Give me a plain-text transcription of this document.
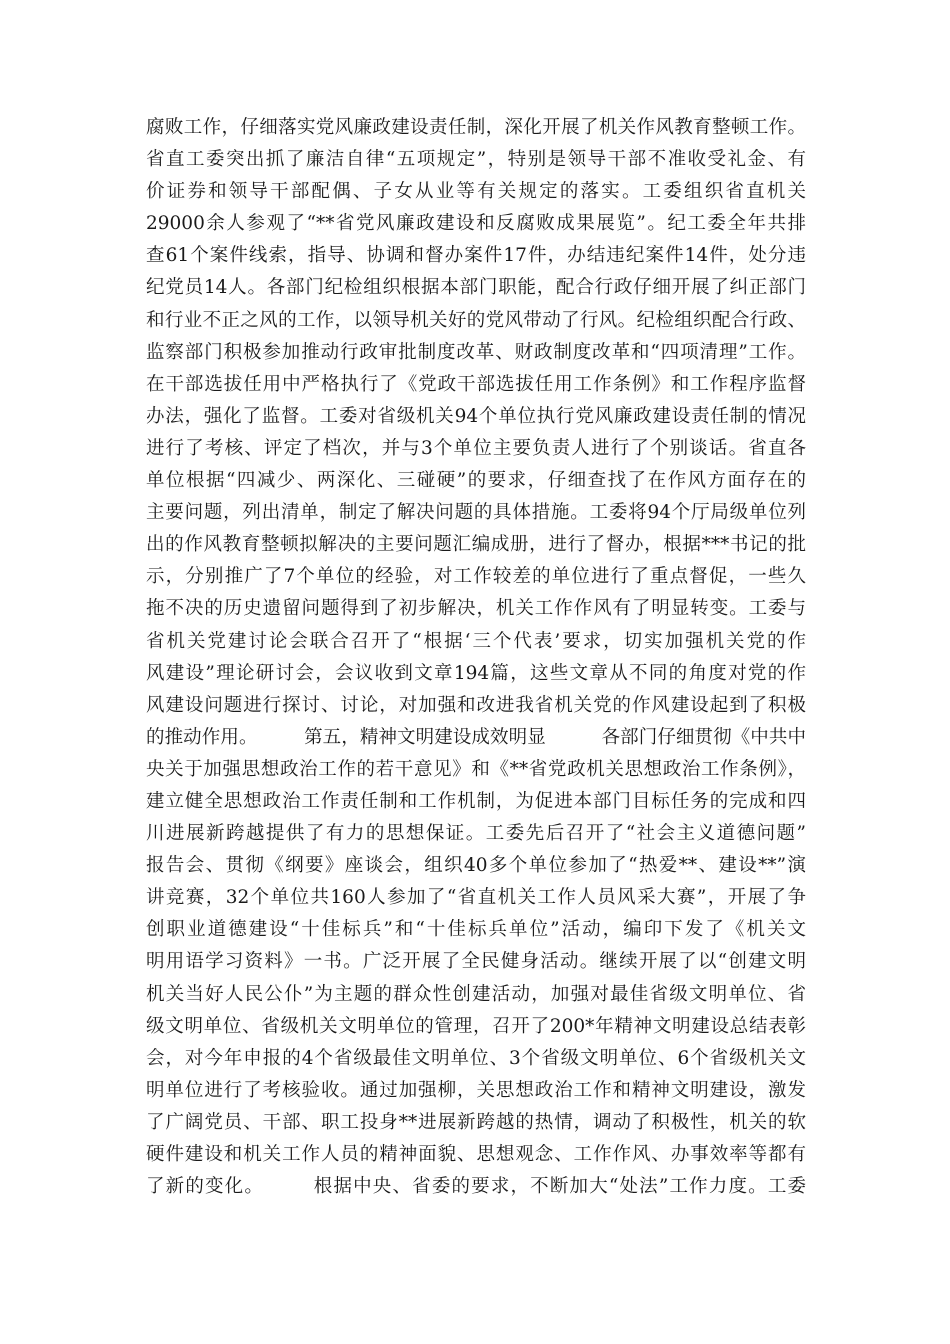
腐败工作，仔细落实党风廉政建设责任制，深化开展了机关作风教育整顿工作。
省直工委突出抓了廉洁自律“五项规定”，特别是领导干部不准收受礼金、有
价证券和领导干部配偶、子女从业等有关规定的落实。工委组织省直机关
29000余人参观了“**省党风廉政建设和反腐败成果展览”。纪工委全年共排
查61个案件线索，指导、协调和督办案件17件，办结违纪案件14件，处分违
纪党员14人。各部门纪检组织根据本部门职能，配合行政仔细开展了纠正部门
和行业不正之风的工作，以领导机关好的党风带动了行风。纪检组织配合行政、
监察部门积极参加推动行政审批制度改革、财政制度改革和“四项清理”工作。
在干部选拔任用中严格执行了《党政干部选拔任用工作条例》和工作程序监督
办法，强化了监督。工委对省级机关94个单位执行党风廉政建设责任制的情况
进行了考核、评定了档次，并与3个单位主要负责人进行了个别谈话。省直各
单位根据“四减少、两深化、三碰硬”的要求，仔细查找了在作风方面存在的
主要问题，列出清单，制定了解决问题的具体措施。工委将94个厅局级单位列
出的作风教育整顿拟解决的主要问题汇编成册，进行了督办，根据***书记的批
示，分别推广了7个单位的经验，对工作较差的单位进行了重点督促，一些久
拖不决的历史遗留问题得到了初步解决，机关工作作风有了明显转变。工委与
省机关党建讨论会联合召开了“根据‘三个代表’要求，切实加强机关党的作
风建设”理论研讨会，会议收到文章194篇，这些文章从不同的角度对党的作
风建设问题进行探讨、讨论，对加强和改进我省机关党的作风建设起到了积极
的推动作用。　　　第五，精神文明建设成效明显　　　各部门仔细贯彻《中共中
央关于加强思想政治工作的若干意见》和《**省党政机关思想政治工作条例》，
建立健全思想政治工作责任制和工作机制，为促进本部门目标任务的完成和四
川进展新跨越提供了有力的思想保证。工委先后召开了“社会主义道德问题”
报告会、贯彻《纲要》座谈会，组织40多个单位参加了“热爱**、建设**”演
讲竞赛，32个单位共160人参加了“省直机关工作人员风采大赛”，开展了争
创职业道德建设“十佳标兵”和“十佳标兵单位”活动，编印下发了《机关文
明用语学习资料》一书。广泛开展了全民健身活动。继续开展了以“创建文明
机关当好人民公仆”为主题的群众性创建活动，加强对最佳省级文明单位、省
级文明单位、省级机关文明单位的管理，召开了200*年精神文明建设总结表彰
会，对今年申报的4个省级最佳文明单位、3个省级文明单位、6个省级机关文
明单位进行了考核验收。通过加强柳，关思想政治工作和精神文明建设，激发
了广阔党员、干部、职工投身**进展新跨越的热情，调动了积极性，机关的软
硬件建设和机关工作人员的精神面貌、思想观念、工作作风、办事效率等都有
了新的变化。　　　根据中央、省委的要求，不断加大“处法”工作力度。工委
